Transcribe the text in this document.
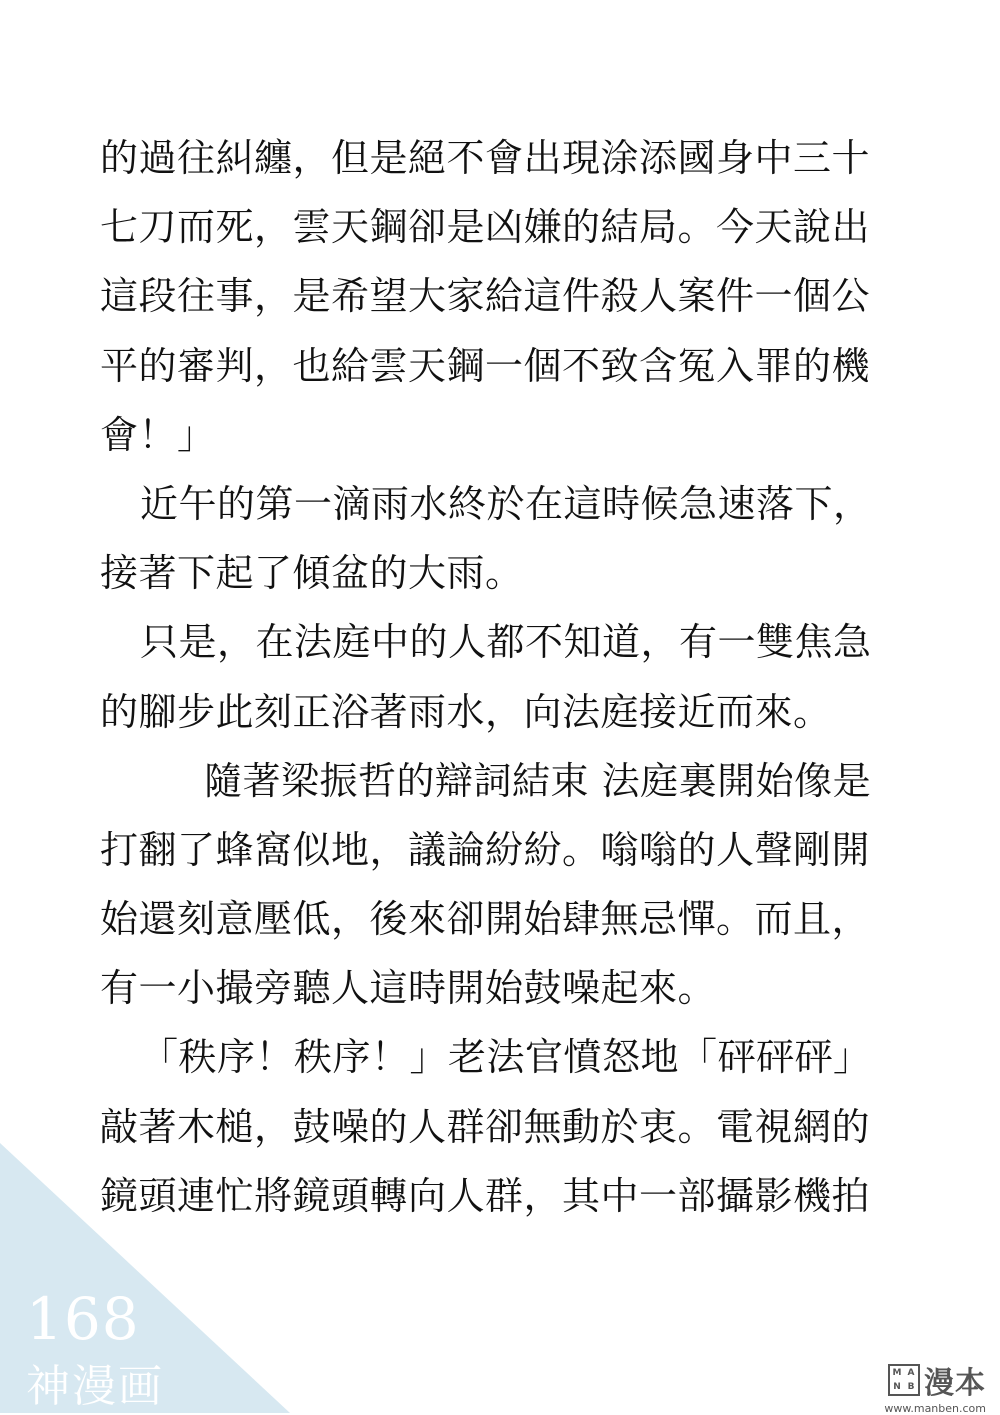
的過往糾纏，但是絕不會出現涂添國身中三十
七刀而死，雲天鋼卻是凶嫌的結局。今天說出
這段往事，是希望大家給這件殺人案件一個公
平的審判，也給雲天鋼一個不致含冤入罪的機
會！」
近午的第一滴雨水終於在這時候急速落下，
接著下起了傾盆的大雨。
只是，在法庭中的人都不知道，有一雙焦急
的腳步此刻正浴著雨水，向法庭接近而來。
隨著梁振哲的辯詞結束 法庭裏開始像是
打翻了蜂窩似地，議論紛紛。嗡嗡的人聲剛開
始還刻意壓低，後來卻開始肆無忌憚。而且，
有一小撮旁聽人這時開始鼓噪起來。
「秩序！秩序！」老法官憤怒地「砰砰砰」
敲著木槌，鼓噪的人群卻無動於衷。電視網的
鏡頭連忙將鏡頭轉向人群，其中一部攝影機拍
168
神漫画	M A
N B 漫本
www.manben.com
